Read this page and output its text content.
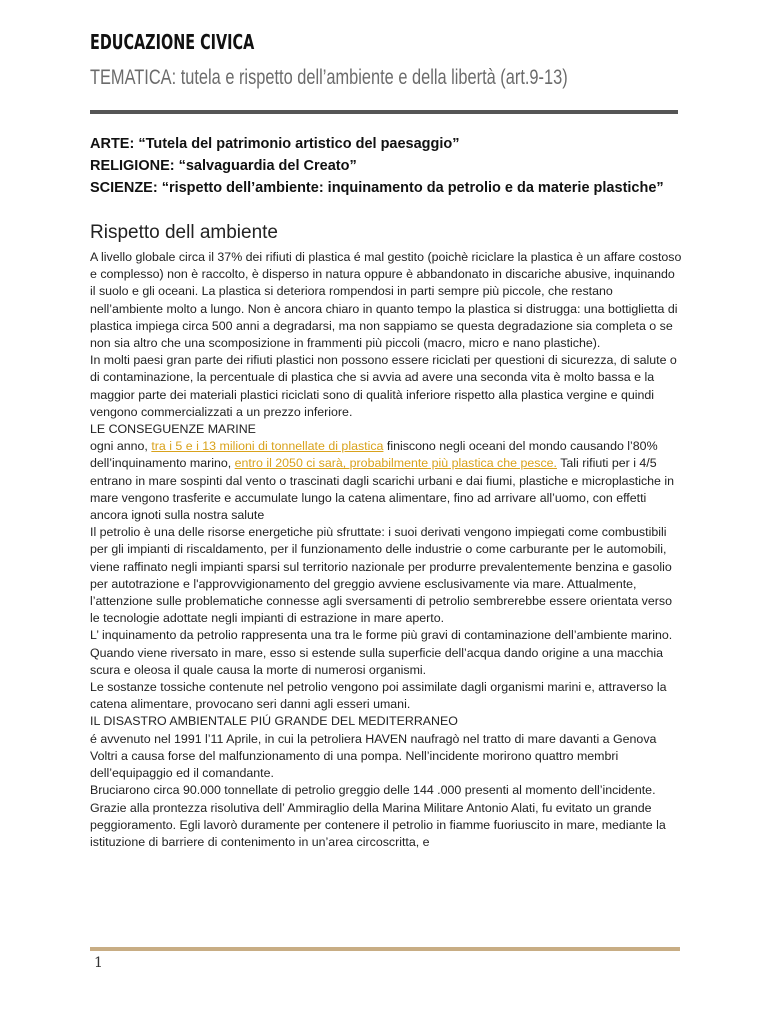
EDUCAZIONE CIVICA
TEMATICA: tutela e rispetto dell’ambiente e della libertà (art.9-13)
ARTE: “Tutela del patrimonio artistico del paesaggio”
RELIGIONE: “salvaguardia del Creato”
SCIENZE: “rispetto dell’ambiente: inquinamento da petrolio e da materie plastiche”
Rispetto dell ambiente

A livello globale circa il 37% dei rifiuti di plastica é mal gestito (poichè riciclare la plastica è un affare costoso e complesso) non è raccolto, è disperso in natura oppure è abbandonato in discariche abusive, inquinando il suolo e gli oceani. La plastica si deteriora rompendosi in parti sempre più piccole, che restano nell’ambiente molto a lungo. Non è ancora chiaro in quanto tempo la plastica si distrugga: una bottiglietta di plastica impiega circa 500 anni a degradarsi, ma non sappiamo se questa degradazione sia completa o se non sia altro che una scomposizione in frammenti più piccoli (macro, micro e nano plastiche).

In molti paesi gran parte dei rifiuti plastici non possono essere riciclati per questioni di sicurezza, di salute o di contaminazione, la percentuale di plastica che si avvia ad avere una seconda vita è molto bassa e la maggior parte dei materiali plastici riciclati sono di qualità inferiore rispetto alla plastica vergine e quindi vengono commercializzati a un prezzo inferiore.

LE CONSEGUENZE MARINE

ogni anno, tra i 5 e i 13 milioni di tonnellate di plastica finiscono negli oceani del mondo causando l’80% dell’inquinamento marino, entro il 2050 ci sarà, probabilmente più plastica che pesce. Tali rifiuti per i 4/5 entrano in mare sospinti dal vento o trascinati dagli scarichi urbani e dai fiumi, plastiche e microplastiche in mare vengono trasferite e accumulate lungo la catena alimentare, fino ad arrivare all’uomo, con effetti ancora ignoti sulla nostra salute

Il petrolio è una delle risorse energetiche più sfruttate: i suoi derivati vengono impiegati come combustibili per gli impianti di riscaldamento, per il funzionamento delle industrie o come carburante per le automobili, viene raffinato negli impianti sparsi sul territorio nazionale per produrre prevalentemente benzina e gasolio per autotrazione e l'approvvigionamento del greggio avviene esclusivamente via mare. Attualmente, l’attenzione sulle problematiche connesse agli sversamenti di petrolio sembrerebbe essere orientata verso le tecnologie adottate negli impianti di estrazione in mare aperto.

L’ inquinamento da petrolio rappresenta una tra le forme più gravi di contaminazione dell’ambiente marino.

Quando viene riversato in mare, esso si estende sulla superficie dell’acqua dando origine a una macchia scura e oleosa il quale causa la morte di numerosi organismi.

Le sostanze tossiche contenute nel petrolio vengono poi assimilate dagli organismi marini e, attraverso la catena alimentare, provocano seri danni agli esseri umani.

IL DISASTRO AMBIENTALE PIÚ GRANDE DEL MEDITERRANEO

é avvenuto nel 1991 l’11 Aprile, in cui la petroliera HAVEN naufragò nel tratto di mare davanti a Genova Voltri a causa forse del malfunzionamento di una pompa. Nell’incidente morirono quattro membri dell’equipaggio ed il comandante.

Bruciarono circa 90.000 tonnellate di petrolio greggio delle 144 .000 presenti al momento dell’incidente. Grazie alla prontezza risolutiva dell’ Ammiraglio della Marina Militare Antonio Alati, fu evitato un grande peggioramento. Egli lavorò duramente per contenere il petrolio in fiamme fuoriuscito in mare, mediante la istituzione di barriere di contenimento in un’area circoscritta, e

1
